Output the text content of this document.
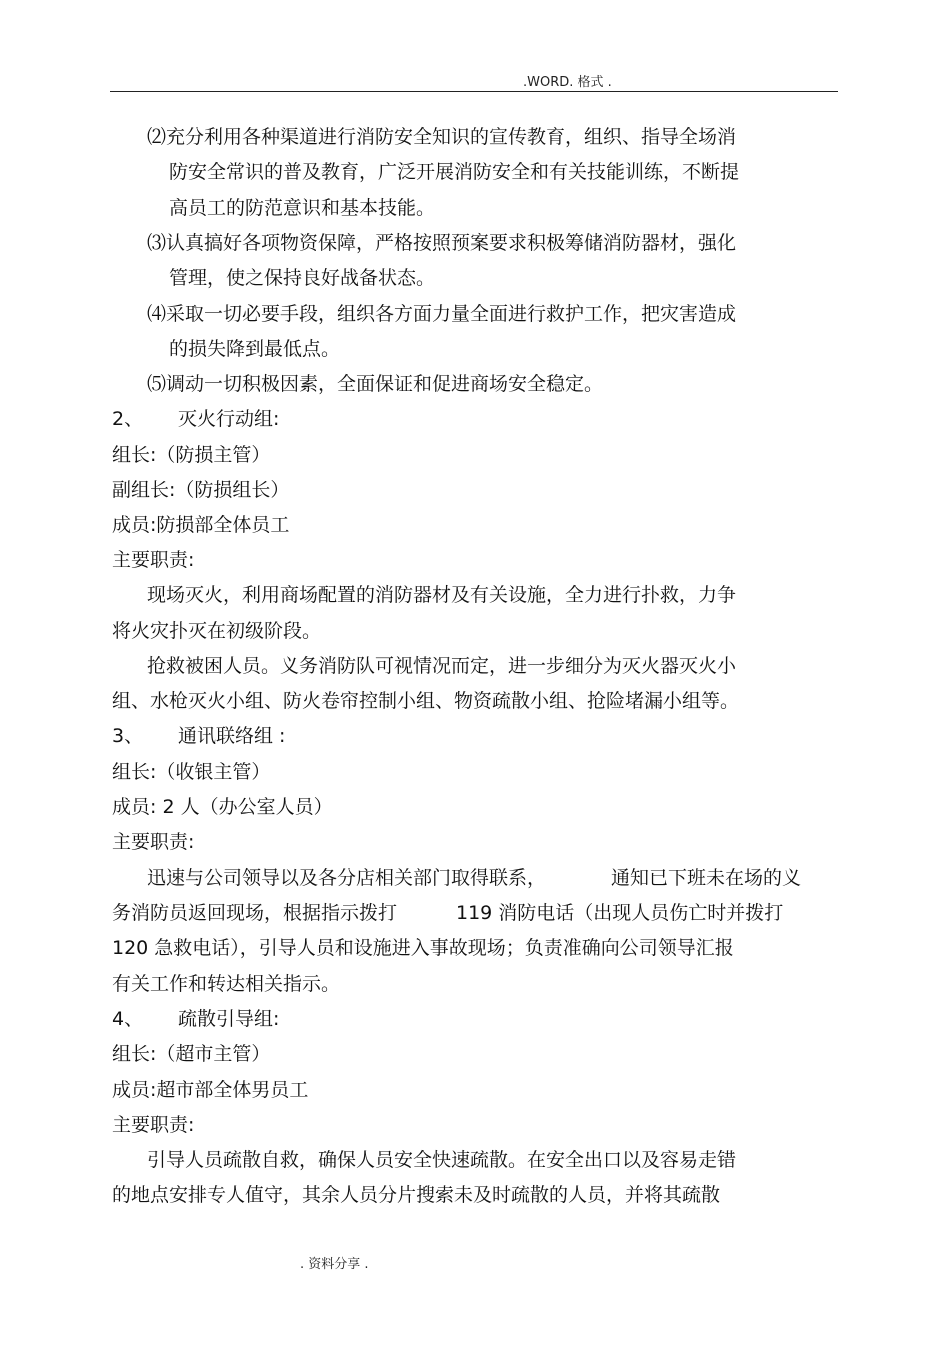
.WORD. 格式 .
⑵充分利用各种渠道进行消防安全知识的宣传教育，组织、指导全场消
防安全常识的普及教育，广泛开展消防安全和有关技能训练，不断提
高员工的防范意识和基本技能。
⑶认真搞好各项物资保障，严格按照预案要求积极筹储消防器材，强化
管理，使之保持良好战备状态。
⑷采取一切必要手段，组织各方面力量全面进行救护工作，把灾害造成
的损失降到最低点。
⑸调动一切积极因素，全面保证和促进商场安全稳定。
2、 灭火行动组:
组长:（防损主管）
副组长:（防损组长）
成员:防损部全体员工
主要职责:
现场灭火，利用商场配置的消防器材及有关设施，全力进行扑救，力争
将火灾扑灭在初级阶段。
抢救被困人员。义务消防队可视情况而定，进一步细分为灭火器灭火小
组、水枪灭火小组、防火卷帘控制小组、物资疏散小组、抢险堵漏小组等。
3、 通讯联络组 :
组长:（收银主管）
成员: 2 人（办公室人员）
主要职责:
迅速与公司领导以及各分店相关部门取得联系，	通知已下班未在场的义
务消防员返回现场，根据指示拨打	119 消防电话（出现人员伤亡时并拨打
120 急救电话），引导人员和设施进入事故现场；负责准确向公司领导汇报
有关工作和转达相关指示。
4、 疏散引导组:
组长:（超市主管）
成员:超市部全体男员工
主要职责:
引导人员疏散自救，确保人员安全快速疏散。在安全出口以及容易走错
的地点安排专人值守，其余人员分片搜索未及时疏散的人员，并将其疏散
. 资料分享 .
